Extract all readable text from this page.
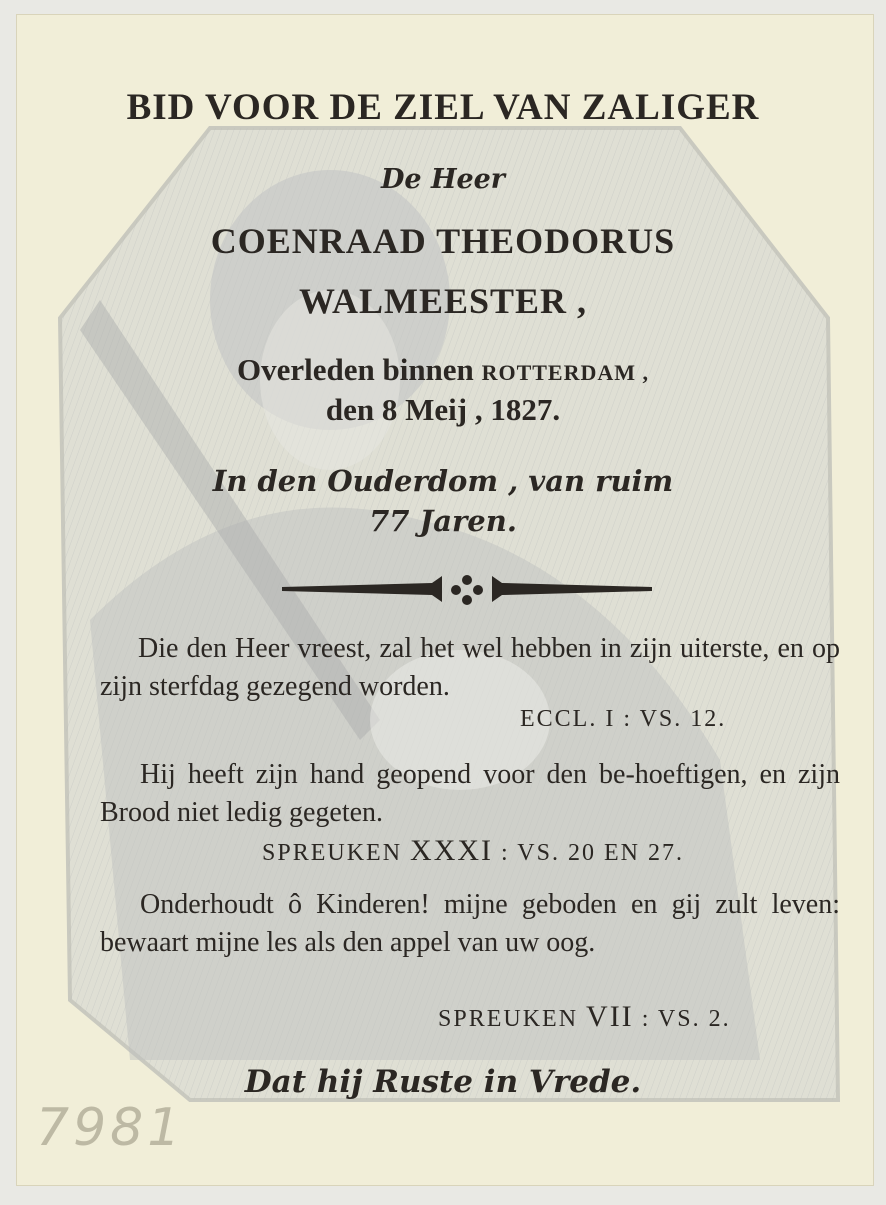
BID VOOR DE ZIEL VAN ZALIGER
De Heer
COENRAAD THEODORUS
WALMEESTER ,
Overleden binnen ROTTERDAM ,
den 8 Meij , 1827.
In den Ouderdom , van ruim
77 Jaren.
Die den Heer vreest, zal het wel hebben in zijn uiterste, en op zijn sterfdag gezegend worden.
ECCL. I : VS. 12.
Hij heeft zijn hand geopend voor den be-hoeftigen, en zijn Brood niet ledig gegeten.
SPREUKEN XXXI : VS. 20 EN 27.
Onderhoudt ô Kinderen! mijne geboden en gij zult leven: bewaart mijne les als den appel van uw oog.
SPREUKEN VII : VS. 2.
Dat hij Ruste in Vrede.
7981
